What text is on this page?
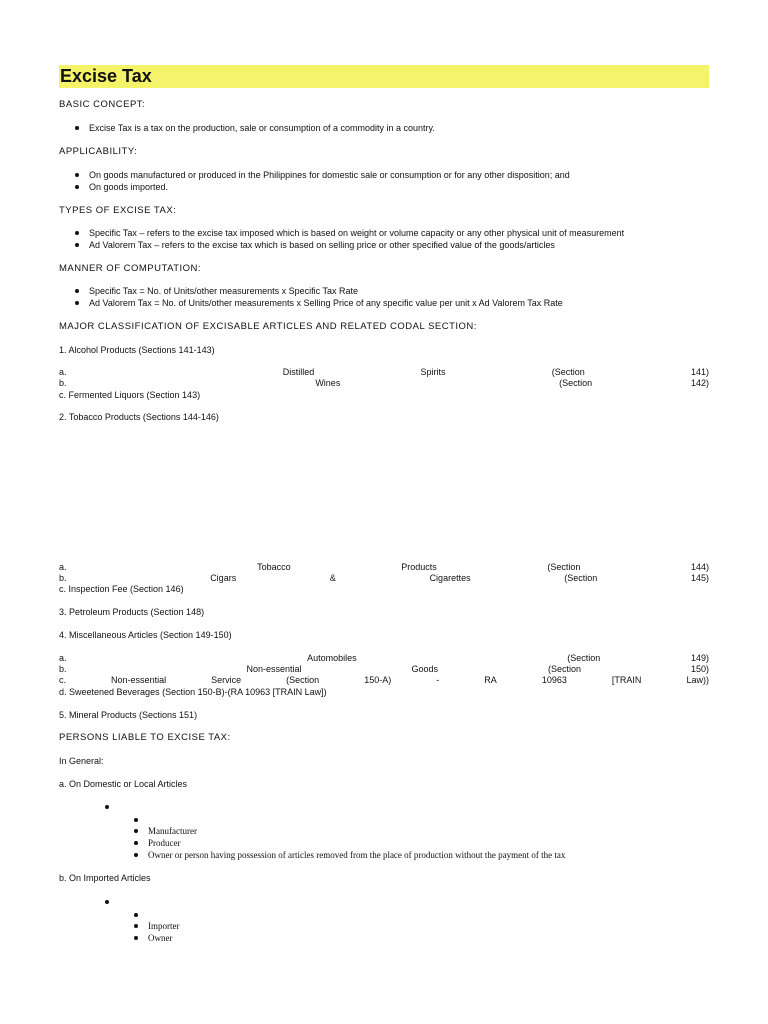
Excise Tax
BASIC CONCEPT:
Excise Tax is a tax on the production, sale or consumption of a commodity in a country.
APPLICABILITY:
On goods manufactured or produced in the Philippines for domestic sale or consumption or for any other disposition; and
On goods imported.
TYPES OF EXCISE TAX:
Specific Tax – refers to the excise tax imposed which is based on weight or volume capacity or any other physical unit of measurement
Ad Valorem Tax – refers to the excise tax which is based on selling price or other specified value of the goods/articles
MANNER OF COMPUTATION:
Specific Tax = No. of Units/other measurements x Specific Tax Rate
Ad Valorem Tax = No. of Units/other measurements x Selling Price of any specific value per unit x Ad Valorem Tax Rate
MAJOR CLASSIFICATION OF EXCISABLE ARTICLES AND RELATED CODAL SECTION:
1. Alcohol Products (Sections 141-143)
a.	Distilled	Spirits	(Section	141)
b.	Wines	(Section	142)
c. Fermented Liquors (Section 143)
2. Tobacco Products (Sections 144-146)
a.	Tobacco	Products	(Section	144)
b.	Cigars	&	Cigarettes	(Section	145)
c. Inspection Fee (Section 146)
3. Petroleum Products (Section 148)
4. Miscellaneous Articles (Section 149-150)
a.	Automobiles	(Section	149)
b.	Non-essential	Goods	(Section	150)
c.	Non-essential	Service	(Section	150-A)	-	RA	10963	[TRAIN	Law))
d. Sweetened Beverages (Section 150-B)-(RA 10963 [TRAIN Law])
5. Mineral Products (Sections 151)
PERSONS LIABLE TO EXCISE TAX:
In General:
a. On Domestic or Local Articles
Manufacturer
Producer
Owner or person having possession of articles removed from the place of production without the payment of the tax
b. On Imported Articles
Importer
Owner
